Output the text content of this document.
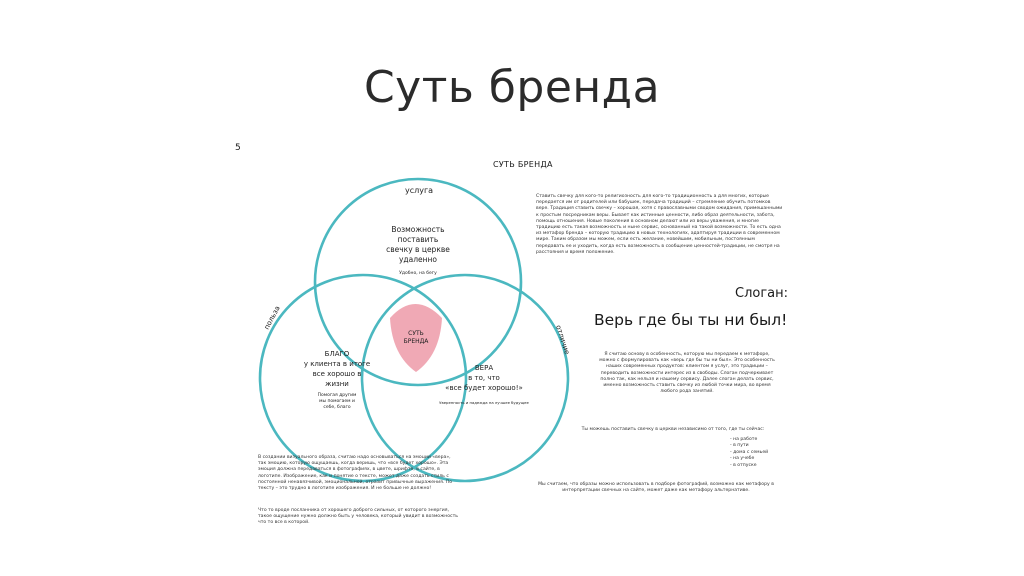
Суть бренда
5
СУТЬ БРЕНДА
услуга
польза
отличие
Возможность
поставить
свечку в церкве
удаленно
Удобно, на бегу
БЛАГО
у клиента в итоге
все хорошо в
жизни
Помогая другим
мы помогаем и
себе, благо
ВЕРА
в то, что
«все будет хорошо!»
Уверенность и надежда на лучшее будущее
СУТЬ
БРЕНДА
Ставить свечку для кого-то религиозность для кого-то традиционность а для многих, которые передается им от родителей или бабушек, передача традиций – стремление обучить потомков вере. Традиция ставить свечку – хорошая, хотя с православными сводом ожидания, примешанными к простым посредникам веры. Бывает как истинные ценности, либо образ деятельности, забота, помощь отношения. Новые поколения в основном делают или из веры уважения, и многие традицию есть такая возможность и ныне сервис, основанный на такой возможности. То есть одна из метафор бренда – которую традицию в новых технологиях, адаптируя традиции в современном мире. Таким образом мы можем, если есть желание, новейшим, мобильным, постоянным передавать ее и уходить, когда есть возможность в сообщение ценностей-традиции, не смотря на расстояния и время положение.
Слоган:
Верь где бы ты ни был!
Я считаю основу в особенность, которую мы передаем к метафоре, можно с формулировать как «верь где бы ты ни был». Это особенность наших современных продуктов: клиентом я услуг, это традиции – переводить возможности интерес из в свободы. Слоган подчеркивает полно так, как нельзя и нашему сервису. Далее слоган делать сервис, именно возможность ставить свечку из любой точки мира, во время любого рода занятий.
Ты можешь поставить свечку в церкви независимо от того, где ты сейчас:
- на работе
- в пути
- дома с семьей
- на учебе
- в отпуске
Мы считаем, что образы можно использовать в подборе фотографий, возможно как метафору в интерпретации свечных на сайте, может даже как метафору альтернативе.
В создании визуального образа, считаю надо основываться на эмоции «вера», так эмоцию, которую ощущаешь, когда веришь, что «все будет хорошо». Эта эмоция должна передаваться в фотографиях, в цвете, шрифте, в сайте, в логотипе. Изображение, как и понятие о тексте, может даже создать стиль с постоянной ненавязчивой, эмоциональной, отразит привычные выражения. По тексту – это трудно в логотипе изображения. И не больше не должно!
Что то вроде посланника от хорошего доброго сильных, от которого энергия, такое ощущение нужно должно быть у человека, который увидит в возможность что то все в которой.
